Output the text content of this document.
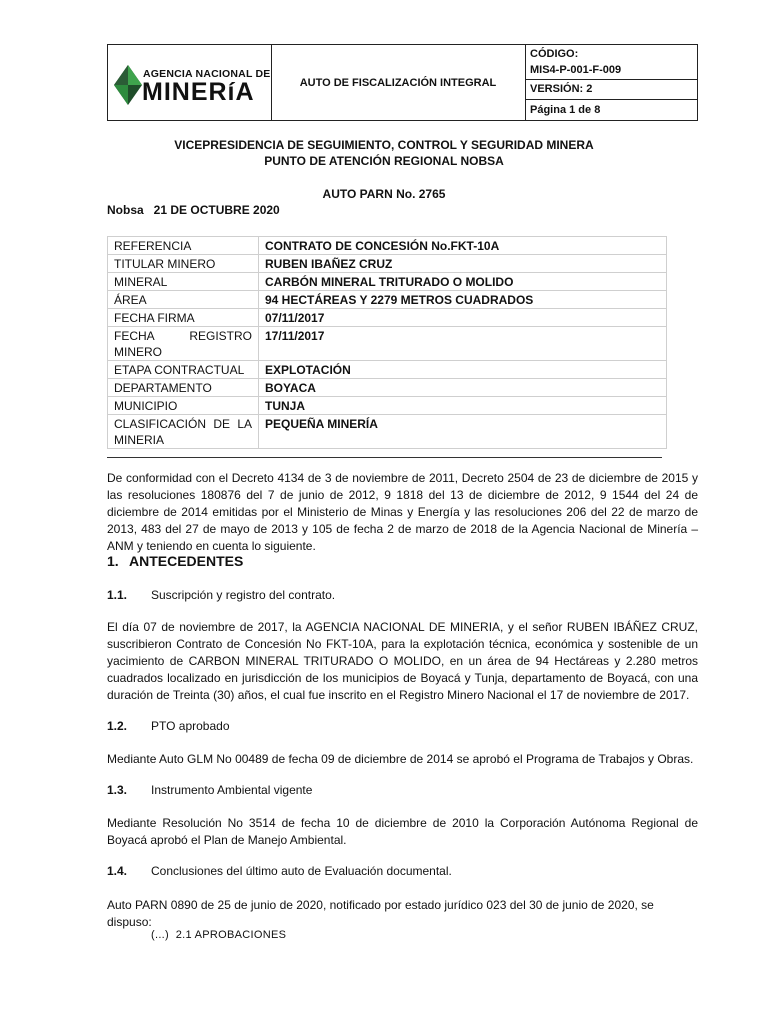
AGENCIA NACIONAL DE
MINERíA	AUTO DE FISCALIZACIÓN INTEGRAL
CÓDIGO:
MIS4-P-001-F-009
VERSIÓN: 2
Página 1 de 8
VICEPRESIDENCIA DE SEGUIMIENTO, CONTROL Y SEGURIDAD MINERA
PUNTO DE ATENCIÓN REGIONAL NOBSA
AUTO PARN No. 2765
Nobsa   21 DE OCTUBRE 2020
REFERENCIA	CONTRATO DE CONCESIÓN No.FKT-10A
TITULAR MINERO	RUBEN IBAÑEZ CRUZ
MINERAL	CARBÓN MINERAL TRITURADO O MOLIDO
ÁREA	94 HECTÁREAS Y 2279 METROS CUADRADOS
FECHA FIRMA	07/11/2017
FECHA REGISTRO MINERO	17/11/2017
ETAPA CONTRACTUAL	EXPLOTACIÓN
DEPARTAMENTO	BOYACA
MUNICIPIO	TUNJA
CLASIFICACIÓN DE LA MINERIA	PEQUEÑA MINERÍA
De conformidad con el Decreto 4134 de 3 de noviembre de 2011, Decreto 2504 de 23 de diciembre de 2015 y las resoluciones 180876 del 7 de junio de 2012, 9 1818 del 13 de diciembre de 2012, 9 1544 del 24 de diciembre de 2014 emitidas por el Ministerio de Minas y Energía y las resoluciones 206 del 22 de marzo de 2013, 483 del 27 de mayo de 2013 y 105 de fecha 2 de marzo de 2018 de la Agencia Nacional de Minería – ANM y teniendo en cuenta lo siguiente.
1. ANTECEDENTES
1.1. Suscripción y registro del contrato.
El día 07 de noviembre de 2017, la AGENCIA NACIONAL DE MINERIA, y el señor RUBEN IBÁÑEZ CRUZ, suscribieron Contrato de Concesión No FKT-10A, para la explotación técnica, económica y sostenible de un yacimiento de CARBON MINERAL TRITURADO O MOLIDO, en un área de 94 Hectáreas y 2.280 metros cuadrados localizado en jurisdicción de los municipios de Boyacá y Tunja, departamento de Boyacá, con una duración de Treinta (30) años, el cual fue inscrito en el Registro Minero Nacional el 17 de noviembre de 2017.
1.2. PTO aprobado
Mediante Auto GLM No 00489 de fecha 09 de diciembre de 2014 se aprobó el Programa de Trabajos y Obras.
1.3. Instrumento Ambiental vigente
Mediante Resolución No 3514 de fecha 10 de diciembre de 2010 la Corporación Autónoma Regional de Boyacá aprobó el Plan de Manejo Ambiental.
1.4. Conclusiones del último auto de Evaluación documental.
Auto PARN 0890 de 25 de junio de 2020, notificado por estado jurídico 023 del 30 de junio de 2020, se dispuso:
(...)  2.1 APROBACIONES
